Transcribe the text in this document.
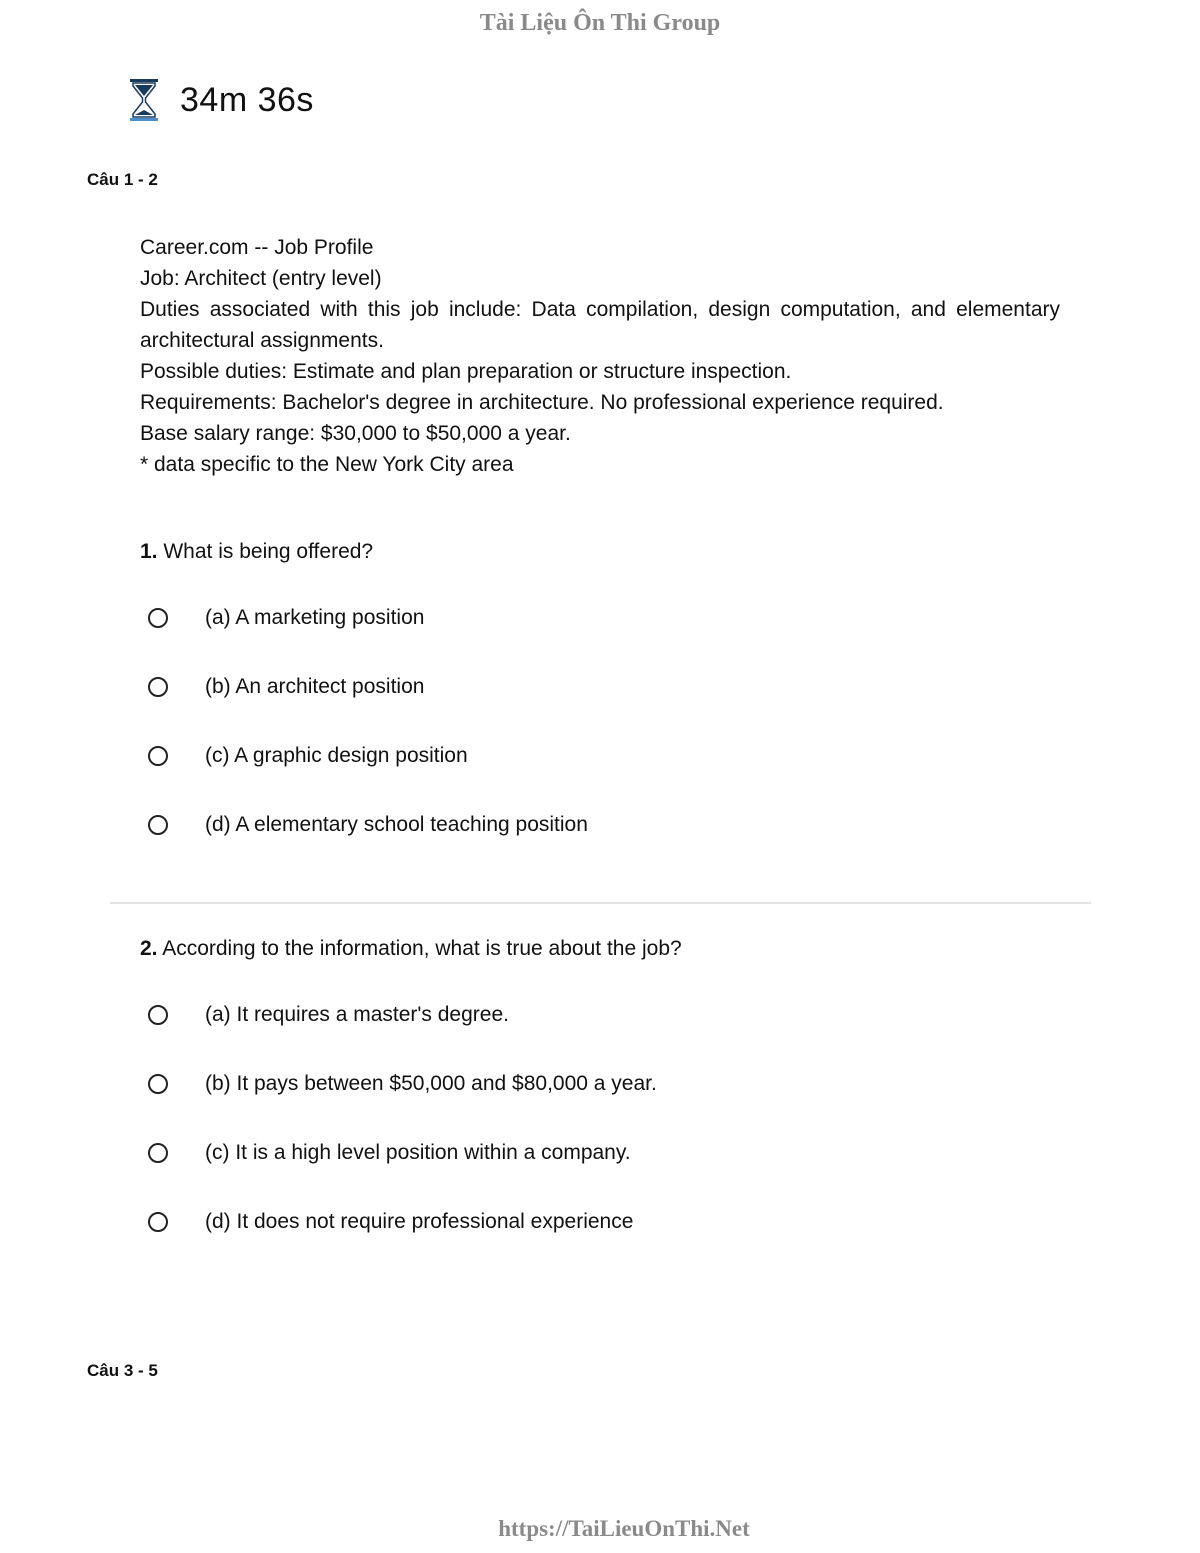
Tài Liệu Ôn Thi Group
34m 36s
Câu 1 - 2

Career.com -- Job Profile

Job: Architect (entry level)

Duties associated with this job include: Data compilation, design computation, and elementary architectural assignments.

Possible duties: Estimate and plan preparation or structure inspection.

Requirements: Bachelor's degree in architecture. No professional experience required.

Base salary range: $30,000 to $50,000 a year.

* data specific to the New York City area

1. What is being offered?
(a) A marketing position
(b) An architect position
(c) A graphic design position
(d) A elementary school teaching position
2. According to the information, what is true about the job?
(a) It requires a master's degree.
(b) It pays between $50,000 and $80,000 a year.
(c) It is a high level position within a company.
(d) It does not require professional experience
Câu 3 - 5
https://TaiLieuOnThi.Net
